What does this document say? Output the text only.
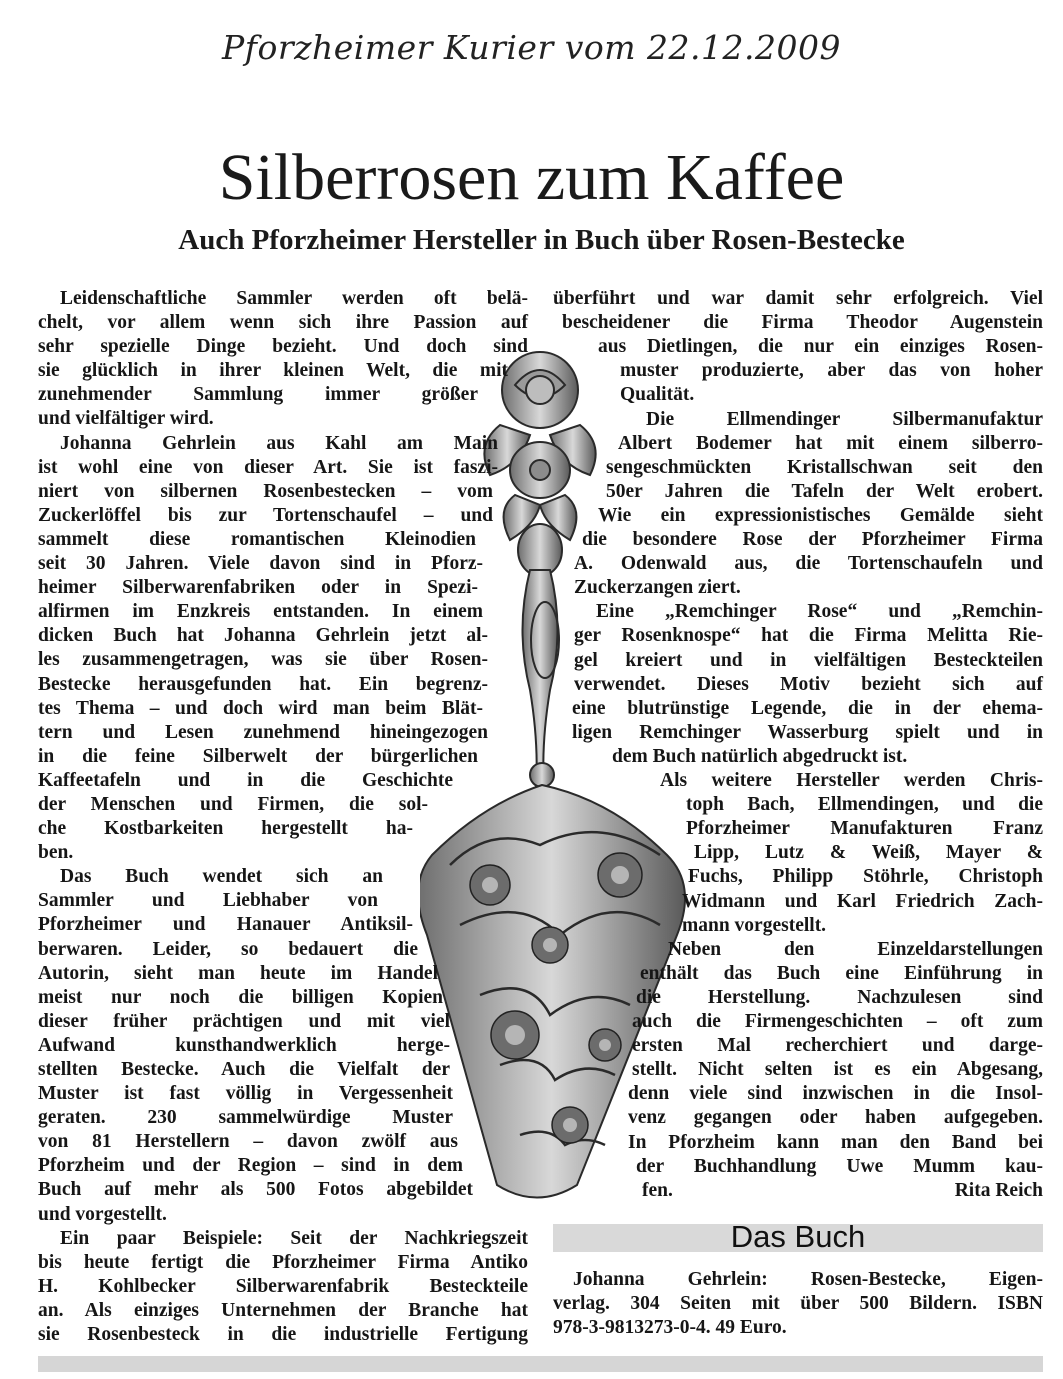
Pforzheimer Kurier vom 22.12.2009
Silberrosen zum Kaffee
Auch Pforzheimer Hersteller in Buch über Rosen-Bestecke
Leidenschaftliche Sammler werden oft belä-
chelt, vor allem wenn sich ihre Passion auf
sehr spezielle Dinge bezieht. Und doch sind
sie glücklich in ihrer kleinen Welt, die mit
zunehmender Sammlung immer größer
und vielfältiger wird.
Johanna Gehrlein aus Kahl am Main
ist wohl eine von dieser Art. Sie ist faszi-
niert von silbernen Rosenbestecken – vom
Zuckerlöffel bis zur Tortenschaufel – und
sammelt diese romantischen Kleinodien
seit 30 Jahren. Viele davon sind in Pforz-
heimer Silberwarenfabriken oder in Spezi-
alfirmen im Enzkreis entstanden. In einem
dicken Buch hat Johanna Gehrlein jetzt al-
les zusammengetragen, was sie über Rosen-
Bestecke herausgefunden hat. Ein begrenz-
tes Thema – und doch wird man beim Blät-
tern und Lesen zunehmend hineingezogen
in die feine Silberwelt der bürgerlichen
Kaffeetafeln und in die Geschichte
der Menschen und Firmen, die sol-
che Kostbarkeiten hergestellt ha-
ben.
Das Buch wendet sich an
Sammler und Liebhaber von
Pforzheimer und Hanauer Antiksil-
berwaren. Leider, so bedauert die
Autorin, sieht man heute im Handel
meist nur noch die billigen Kopien
dieser früher prächtigen und mit viel
Aufwand kunsthandwerklich herge-
stellten Bestecke. Auch die Vielfalt der
Muster ist fast völlig in Vergessenheit
geraten. 230 sammelwürdige Muster
von 81 Herstellern – davon zwölf aus
Pforzheim und der Region – sind in dem
Buch auf mehr als 500 Fotos abgebildet
und vorgestellt.
Ein paar Beispiele: Seit der Nachkriegszeit
bis heute fertigt die Pforzheimer Firma Antiko
H. Kohlbecker Silberwarenfabrik Besteckteile
an. Als einziges Unternehmen der Branche hat
sie Rosenbesteck in die industrielle Fertigung
überführt und war damit sehr erfolgreich. Viel
bescheidener die Firma Theodor Augenstein
aus Dietlingen, die nur ein einziges Rosen-
muster produzierte, aber das von hoher
Qualität.
Die Ellmendinger Silbermanufaktur
Albert Bodemer hat mit einem silberro-
sengeschmückten Kristallschwan seit den
50er Jahren die Tafeln der Welt erobert.
Wie ein expressionistisches Gemälde sieht
die besondere Rose der Pforzheimer Firma
A. Odenwald aus, die Tortenschaufeln und
Zuckerzangen ziert.
Eine „Remchinger Rose“ und „Remchin-
ger Rosenknospe“ hat die Firma Melitta Rie-
gel kreiert und in vielfältigen Besteckteilen
verwendet. Dieses Motiv bezieht sich auf
eine blutrünstige Legende, die in der ehema-
ligen Remchinger Wasserburg spielt und in
dem Buch natürlich abgedruckt ist.
Als weitere Hersteller werden Chris-
toph Bach, Ellmendingen, und die
Pforzheimer Manufakturen Franz
Lipp, Lutz & Weiß, Mayer &
Fuchs, Philipp Stöhrle, Christoph
Widmann und Karl Friedrich Zach-
mann vorgestellt.
Neben den Einzeldarstellungen
enthält das Buch eine Einführung in
die Herstellung. Nachzulesen sind
auch die Firmengeschichten – oft zum
ersten Mal recherchiert und darge-
stellt. Nicht selten ist es ein Abgesang,
denn viele sind inzwischen in die Insol-
venz gegangen oder haben aufgegeben.
In Pforzheim kann man den Band bei
der Buchhandlung Uwe Mumm kau-
fen.	Rita Reich
Das Buch
Johanna Gehrlein: Rosen-Bestecke, Eigen-
verlag. 304 Seiten mit über 500 Bildern. ISBN
978-3-9813273-0-4. 49 Euro.
